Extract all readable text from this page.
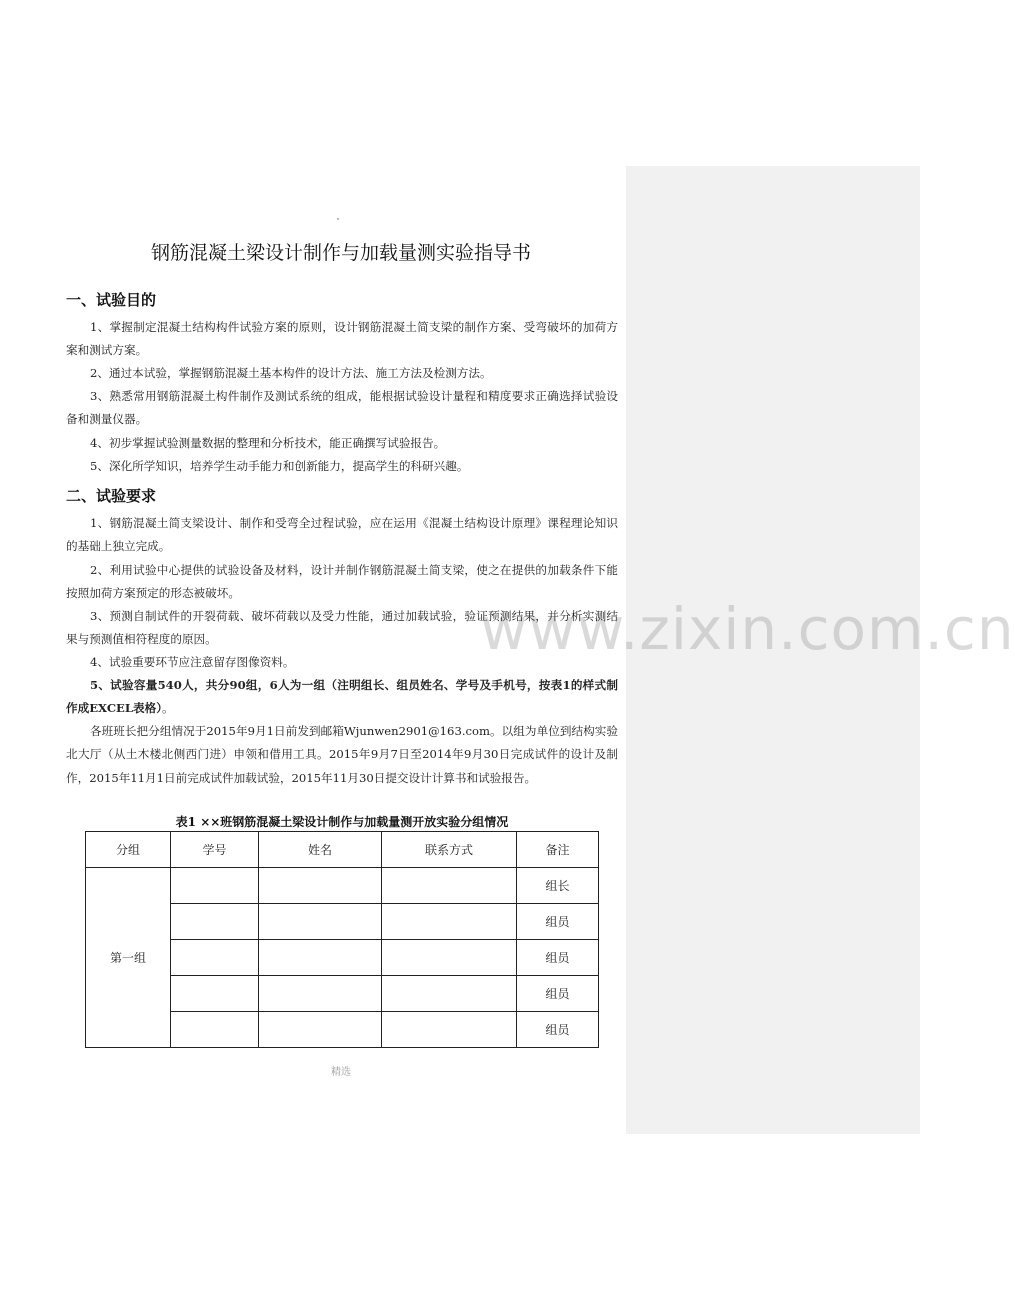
www.zixin.com.cn
钢筋混凝土梁设计制作与加载量测实验指导书
一、试验目的
1、掌握制定混凝土结构构件试验方案的原则，设计钢筋混凝土简支梁的制作方案、受弯破坏的加荷方案和测试方案。
2、通过本试验，掌握钢筋混凝土基本构件的设计方法、施工方法及检测方法。
3、熟悉常用钢筋混凝土构件制作及测试系统的组成，能根据试验设计量程和精度要求正确选择试验设备和测量仪器。
4、初步掌握试验测量数据的整理和分析技术，能正确撰写试验报告。
5、深化所学知识，培养学生动手能力和创新能力，提高学生的科研兴趣。
二、试验要求
1、钢筋混凝土简支梁设计、制作和受弯全过程试验，应在运用《混凝土结构设计原理》课程理论知识的基础上独立完成。
2、利用试验中心提供的试验设备及材料，设计并制作钢筋混凝土简支梁，使之在提供的加载条件下能按照加荷方案预定的形态被破坏。
3、预测自制试件的开裂荷载、破坏荷载以及受力性能，通过加载试验，验证预测结果，并分析实测结果与预测值相符程度的原因。
4、试验重要环节应注意留存图像资料。
5、试验容量540人，共分90组，6人为一组（注明组长、组员姓名、学号及手机号，按表1的样式制作成EXCEL表格）。
各班班长把分组情况于2015年9月1日前发到邮箱Wjunwen2901@163.com。以组为单位到结构实验北大厅（从土木楼北侧西门进）申领和借用工具。2015年9月7日至2014年9月30日完成试件的设计及制作，2015年11月1日前完成试件加载试验，2015年11月30日提交设计计算书和试验报告。
表1 ××班钢筋混凝土梁设计制作与加载量测开放实验分组情况
分组	学号	姓名	联系方式	备注
第一组				组长
				组员
				组员
				组员
				组员
精选
